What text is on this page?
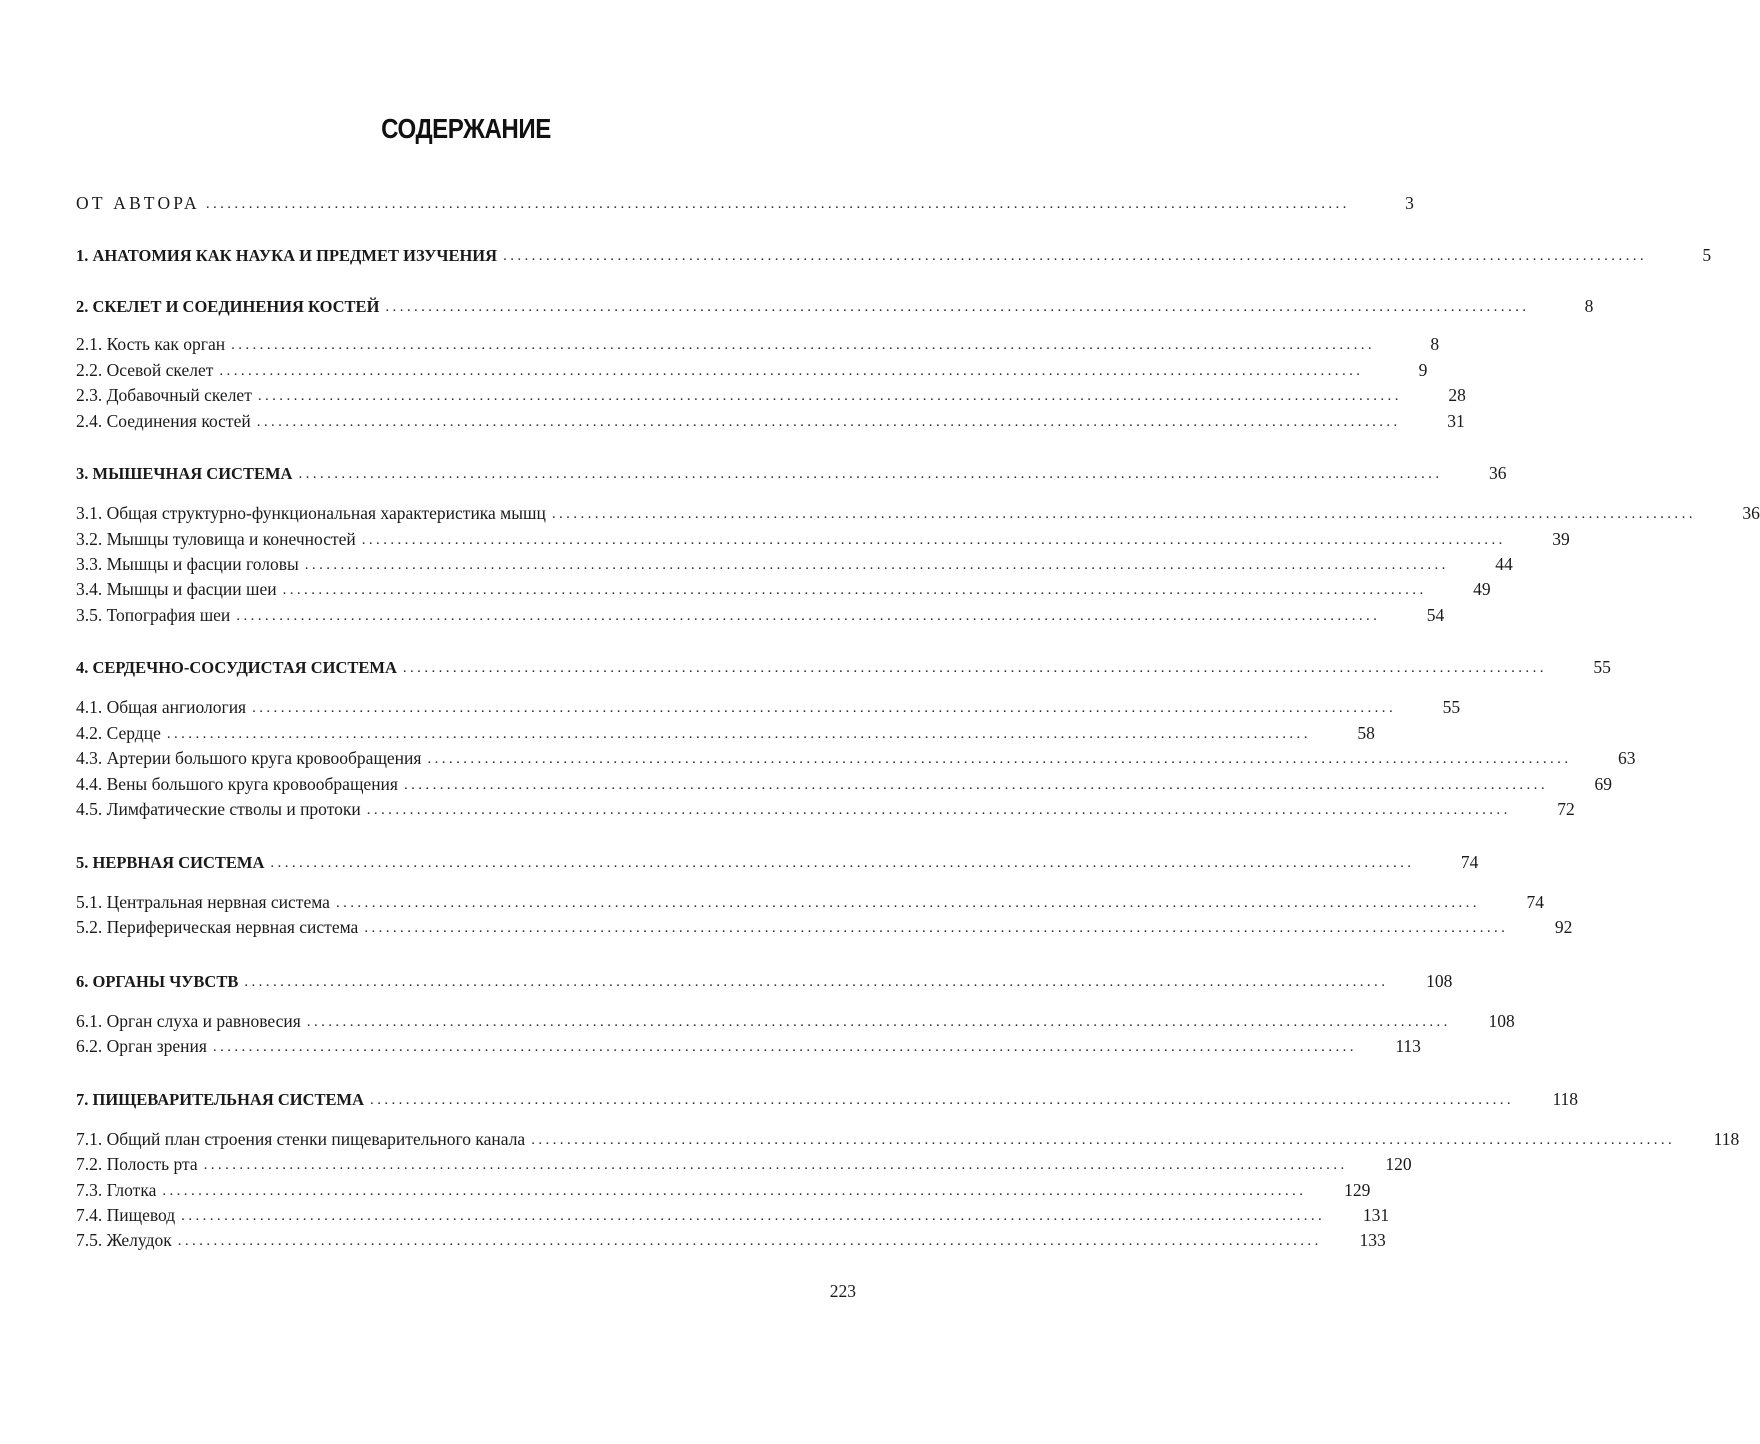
СОДЕРЖАНИЕ
ОТ АВТОРА ................................................................................................................................................................	3
1. АНАТОМИЯ КАК НАУКА И ПРЕДМЕТ ИЗУЧЕНИЯ ................................................................................................................................................................	5
2. СКЕЛЕТ И СОЕДИНЕНИЯ КОСТЕЙ ................................................................................................................................................................	8
2.1. Кость как орган ................................................................................................................................................................	8
2.2. Осевой скелет ................................................................................................................................................................	9
2.3. Добавочный скелет ................................................................................................................................................................	28
2.4. Соединения костей ................................................................................................................................................................	31
3. МЫШЕЧНАЯ СИСТЕМА ................................................................................................................................................................	36
3.1. Общая структурно-функциональная характеристика мышц ................................................................................................................................................................	36
3.2. Мышцы туловища и конечностей ................................................................................................................................................................	39
3.3. Мышцы и фасции головы ................................................................................................................................................................	44
3.4. Мышцы и фасции шеи ................................................................................................................................................................	49
3.5. Топография шеи ................................................................................................................................................................	54
4. СЕРДЕЧНО-СОСУДИСТАЯ СИСТЕМА ................................................................................................................................................................	55
4.1. Общая ангиология ................................................................................................................................................................	55
4.2. Сердце ................................................................................................................................................................	58
4.3. Артерии большого круга кровообращения ................................................................................................................................................................	63
4.4. Вены большого круга кровообращения ................................................................................................................................................................	69
4.5. Лимфатические стволы и протоки ................................................................................................................................................................	72
5. НЕРВНАЯ СИСТЕМА ................................................................................................................................................................	74
5.1. Центральная нервная система ................................................................................................................................................................	74
5.2. Периферическая нервная система ................................................................................................................................................................	92
6. ОРГАНЫ ЧУВСТВ ................................................................................................................................................................	108
6.1. Орган слуха и равновесия ................................................................................................................................................................	108
6.2. Орган зрения ................................................................................................................................................................	113
7. ПИЩЕВАРИТЕЛЬНАЯ СИСТЕМА ................................................................................................................................................................	118
7.1. Общий план строения стенки пищеварительного канала ................................................................................................................................................................	118
7.2. Полость рта ................................................................................................................................................................	120
7.3. Глотка ................................................................................................................................................................	129
7.4. Пищевод ................................................................................................................................................................	131
7.5. Желудок ................................................................................................................................................................	133
223
